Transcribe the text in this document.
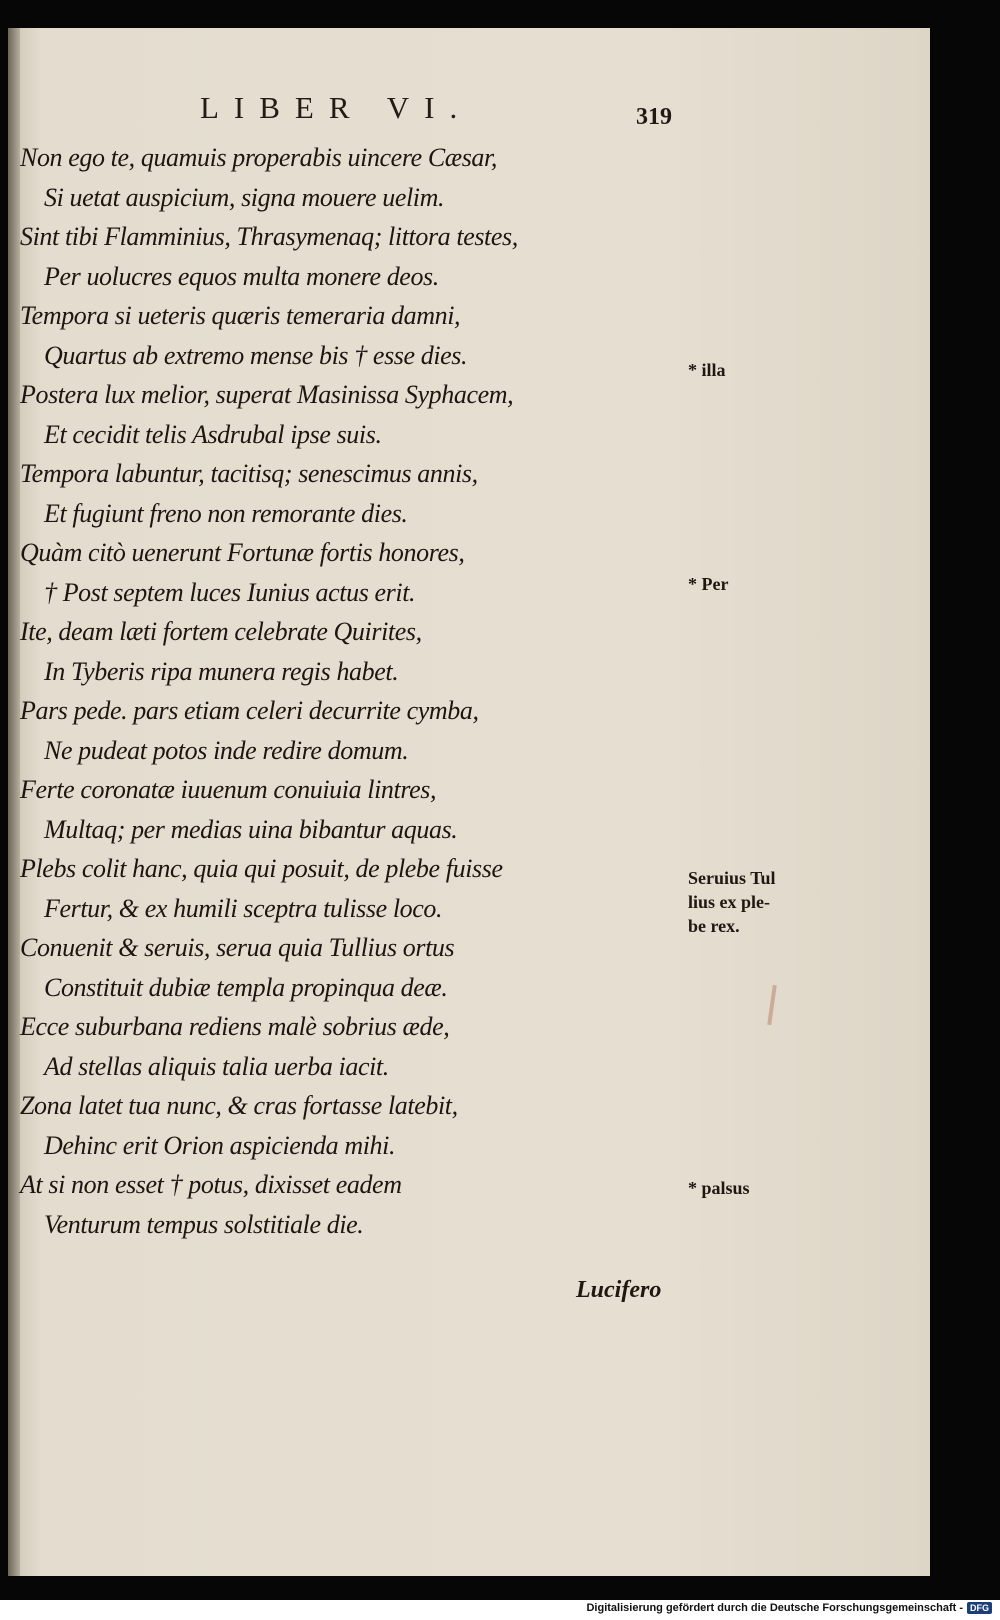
LIBER VI.	319
Non ego te, quamuis properabis uincere Cæsar,
Si uetat auspicium, signa mouere uelim.
Sint tibi Flamminius, Thrasymenaq; littora testes,
Per uolucres equos multa monere deos.
Tempora si ueteris quæris temeraria damni,
Quartus ab extremo mense bis † esse dies.
Postera lux melior, superat Masinissa Syphacem,
Et cecidit telis Asdrubal ipse suis.
Tempora labuntur, tacitisq; senescimus annis,
Et fugiunt freno non remorante dies.
Quàm citò uenerunt Fortunæ fortis honores,
† Post septem luces Iunius actus erit.
Ite, deam læti fortem celebrate Quirites,
In Tyberis ripa munera regis habet.
Pars pede. pars etiam celeri decurrite cymba,
Ne pudeat potos inde redire domum.
Ferte coronatæ iuuenum conuiuia lintres,
Multaq; per medias uina bibantur aquas.
Plebs colit hanc, quia qui posuit, de plebe fuisse
Fertur, & ex humili sceptra tulisse loco.
Conuenit & seruis, serua quia Tullius ortus
Constituit dubiæ templa propinqua deæ.
Ecce suburbana rediens malè sobrius æde,
Ad stellas aliquis talia uerba iacit.
Zona latet tua nunc, & cras fortasse latebit,
Dehinc erit Orion aspicienda mihi.
At si non esset † potus, dixisset eadem
Venturum tempus solstitiale die.
* illa
* Per
Seruius Tul
lius ex ple-
be rex.
* palsus
Lucifero
Digitalisierung gefördert durch die Deutsche Forschungsgemeinschaft - DFG
